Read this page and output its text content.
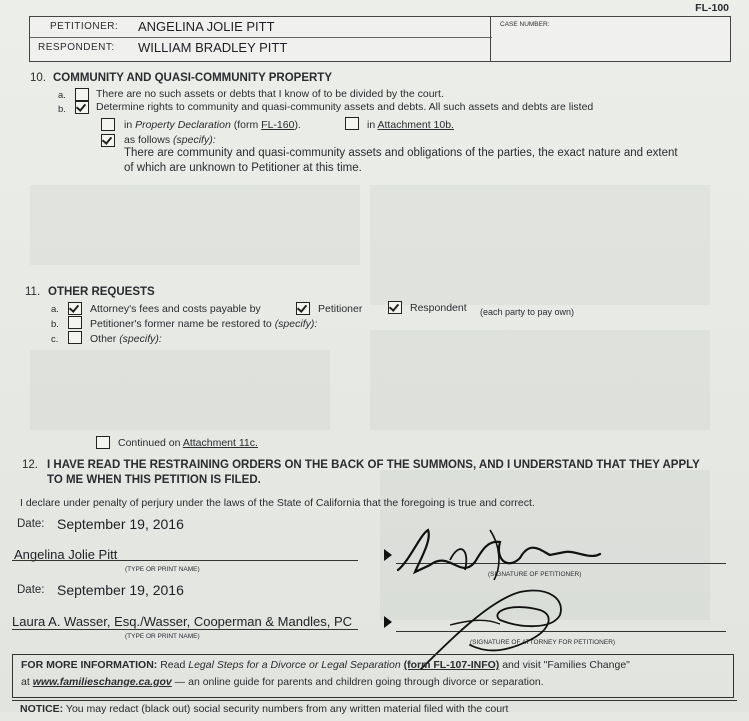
FL-100
PETITIONER: ANGELINA JOLIE PITT
RESPONDENT: WILLIAM BRADLEY PITT
CASE NUMBER:
10. COMMUNITY AND QUASI-COMMUNITY PROPERTY
a.	There are no such assets or debts that I know of to be divided by the court.
b.	Determine rights to community and quasi-community assets and debts. All such assets and debts are listed
in Property Declaration (form FL-160).	in Attachment 10b.
as follows (specify):
There are community and quasi-community assets and obligations of the parties, the exact nature and extent
of which are unknown to Petitioner at this time.
11. OTHER REQUESTS
a.	Attorney's fees and costs payable by	Petitioner	Respondent (each party to pay own)
b.	Petitioner's former name be restored to (specify):
c.	Other (specify):
Continued on Attachment 11c.
12. I HAVE READ THE RESTRAINING ORDERS ON THE BACK OF THE SUMMONS, AND I UNDERSTAND THAT THEY APPLY
TO ME WHEN THIS PETITION IS FILED.
I declare under penalty of perjury under the laws of the State of California that the foregoing is true and correct.
Date: September 19, 2016
Angelina Jolie Pitt
(TYPE OR PRINT NAME)
(SIGNATURE OF PETITIONER)
Date: September 19, 2016
Laura A. Wasser, Esq./Wasser, Cooperman & Mandles, PC
(TYPE OR PRINT NAME)
(SIGNATURE OF ATTORNEY FOR PETITIONER)
FOR MORE INFORMATION: Read Legal Steps for a Divorce or Legal Separation (form FL-107-INFO) and visit "Families Change"
at www.familieschange.ca.gov — an online guide for parents and children going through divorce or separation.
NOTICE: You may redact (black out) social security numbers from any written material filed with the court
